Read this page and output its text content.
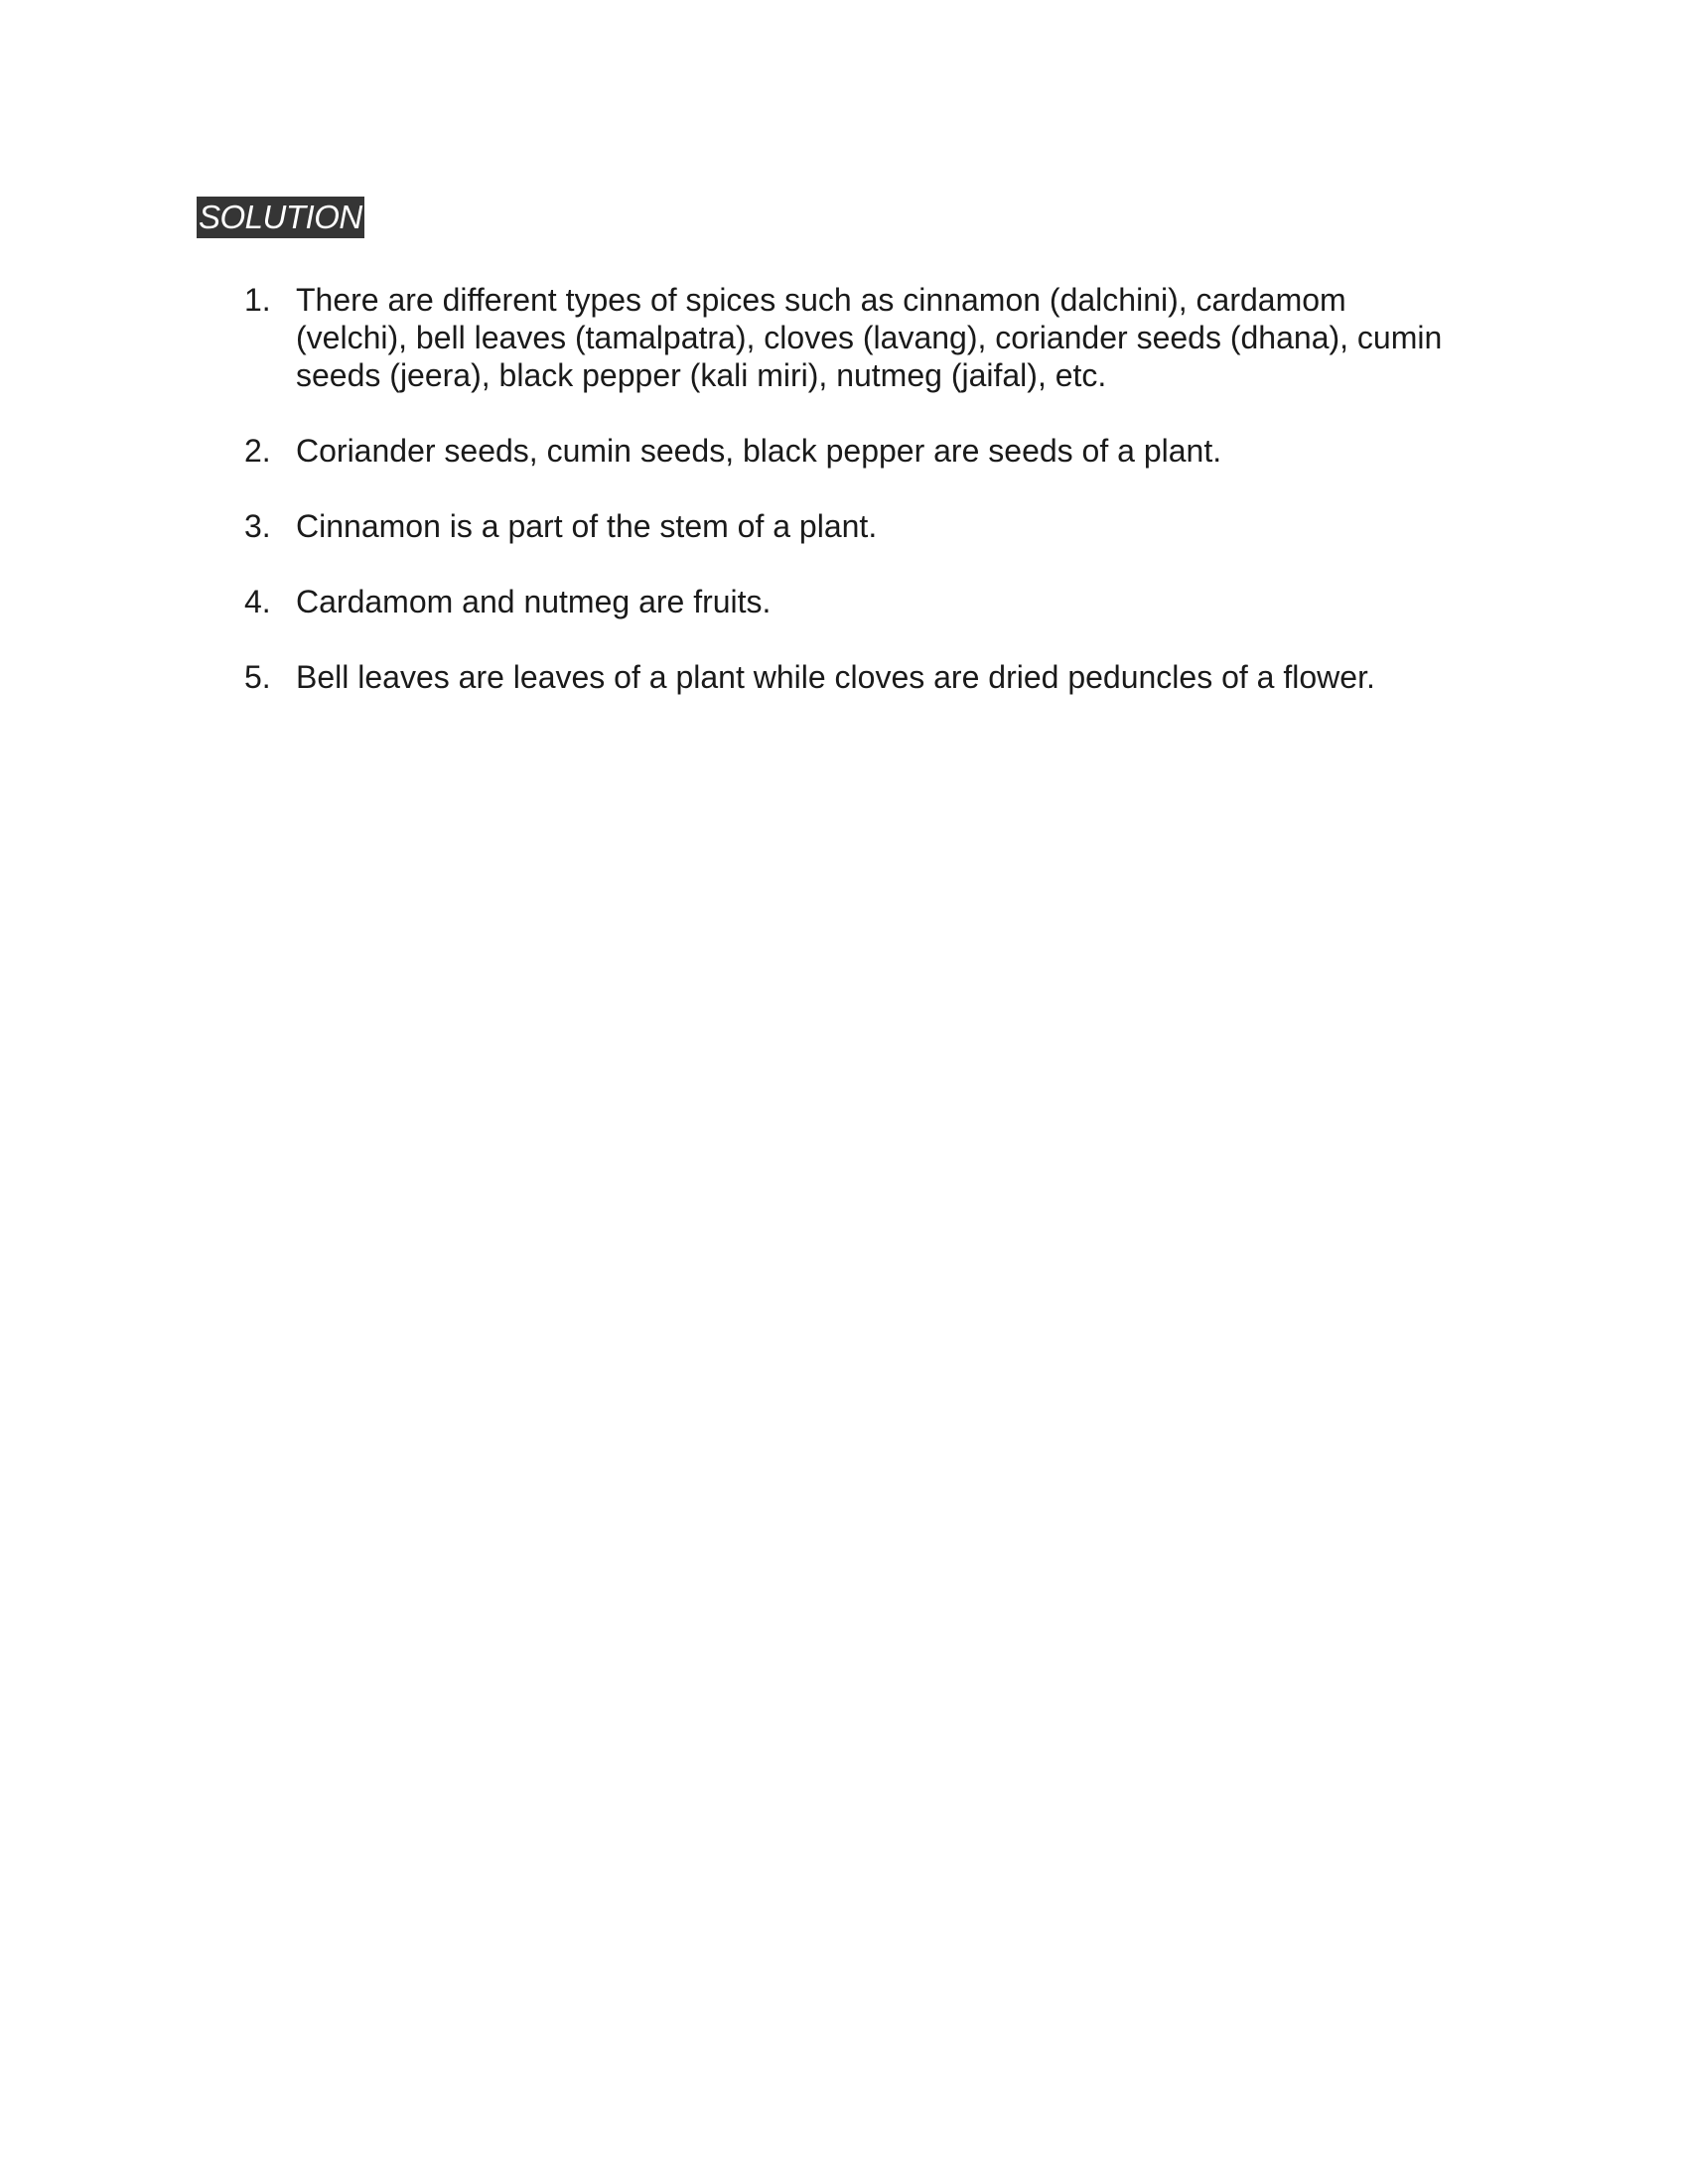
SOLUTION
1. There are different types of spices such as cinnamon (dalchini), cardamom (velchi), bell leaves (tamalpatra), cloves (lavang), coriander seeds (dhana), cumin seeds (jeera), black pepper (kali miri), nutmeg (jaifal), etc.
2. Coriander seeds, cumin seeds, black pepper are seeds of a plant.
3. Cinnamon is a part of the stem of a plant.
4. Cardamom and nutmeg are fruits.
5. Bell leaves are leaves of a plant while cloves are dried peduncles of a flower.
